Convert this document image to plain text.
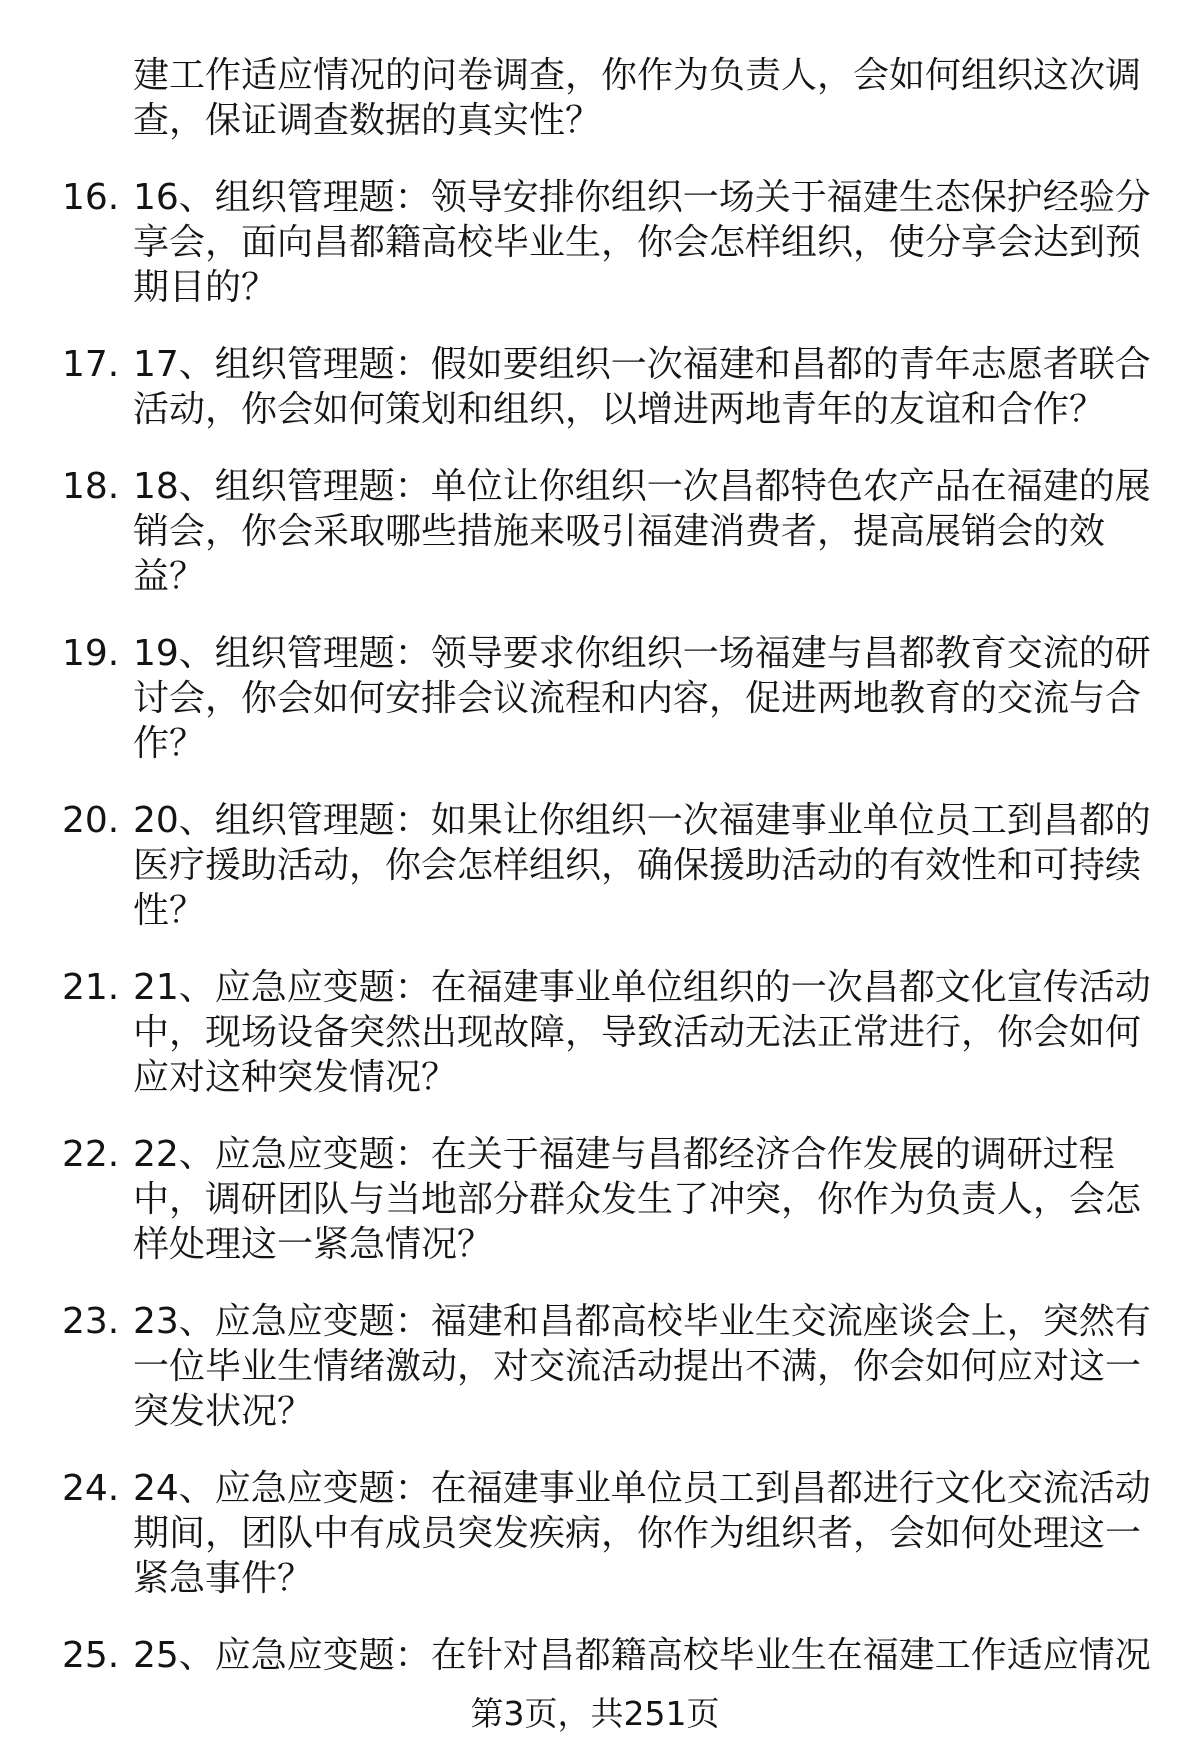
建工作适应情况的问卷调查，你作为负责人，会如何组织这次调
查，保证调查数据的真实性？
16. 16、组织管理题：领导安排你组织一场关于福建生态保护经验分
享会，面向昌都籍高校毕业生，你会怎样组织，使分享会达到预
期目的？
17. 17、组织管理题：假如要组织一次福建和昌都的青年志愿者联合
活动，你会如何策划和组织，以增进两地青年的友谊和合作？
18. 18、组织管理题：单位让你组织一次昌都特色农产品在福建的展
销会，你会采取哪些措施来吸引福建消费者，提高展销会的效
益？
19. 19、组织管理题：领导要求你组织一场福建与昌都教育交流的研
讨会，你会如何安排会议流程和内容，促进两地教育的交流与合
作？
20. 20、组织管理题：如果让你组织一次福建事业单位员工到昌都的
医疗援助活动，你会怎样组织，确保援助活动的有效性和可持续
性？
21. 21、应急应变题：在福建事业单位组织的一次昌都文化宣传活动
中，现场设备突然出现故障，导致活动无法正常进行，你会如何
应对这种突发情况？
22. 22、应急应变题：在关于福建与昌都经济合作发展的调研过程
中，调研团队与当地部分群众发生了冲突，你作为负责人，会怎
样处理这一紧急情况？
23. 23、应急应变题：福建和昌都高校毕业生交流座谈会上，突然有
一位毕业生情绪激动，对交流活动提出不满，你会如何应对这一
突发状况？
24. 24、应急应变题：在福建事业单位员工到昌都进行文化交流活动
期间，团队中有成员突发疾病，你作为组织者，会如何处理这一
紧急事件？
25. 25、应急应变题：在针对昌都籍高校毕业生在福建工作适应情况
第3页，共251页
